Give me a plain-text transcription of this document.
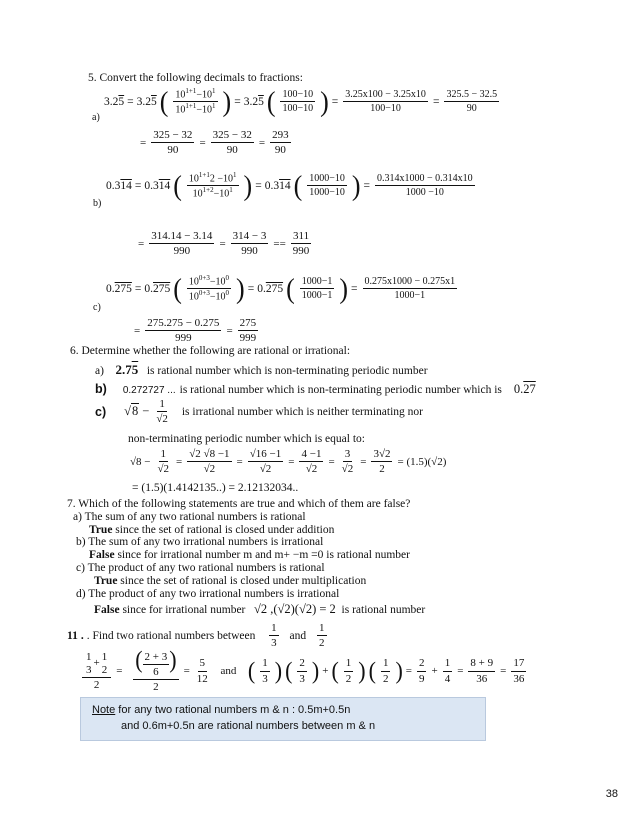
5. Convert the following decimals to fractions:
3.25 = 3.25 ( $\frac{10^{1+1}-10^1}{10^{1+1}-10^1}$ ) = 3.25 ( $\frac{100-10}{100-10}$ ) = $\frac{3.25x100 - 3.25x10}{100-10} = \frac{325.5 - 32.5}{90}$
a)
= $\frac{325 - 32}{90} = \frac{325 - 32}{90} = \frac{293}{90}$
0.314 = 0.314 ( $\frac{10^{1+1}2 -10^1}{10^{1+2}-10^1}$ ) = 0.314 ( $\frac{1000-10}{1000-10}$ ) = $\frac{0.314x1000 - 0.314x10}{1000 -10}$
b)
= $\frac{314.14 - 3.14}{990} = \frac{314 - 3}{990} == \frac{311}{990}$
0.275 = 0.275 ( $\frac{10^{0+3}-10^0}{10^{0+3}-10^0}$ ) = 0.275 ( $\frac{1000-1}{1000-1}$ ) = $\frac{0.275x1000 - 0.275x1}{1000-1}$
c)
= $\frac{275.275 - 0.275}{999} = \frac{275}{999}$
6. Determine whether the following are rational or irrational:
a) 2.75 is rational number which is non-terminating periodic number
b) 0.272727 ... is rational number which is non-terminating periodic number which is 0.27
c)
$√8 - \frac{1}{√2}$
is irrational number which is neither terminating nor
non-terminating periodic number which is equal to:
$√8 - \frac{1}{√2} = \frac{√2 √8 -1}{√2} = \frac{√16 -1}{√2} = \frac{4 -1}{√2} = \frac{3}{√2} = \frac{3√2}{2} = (1.5)(√2)$
= (1.5)(1.4142135..) = 2.12132034..
7. Which of the following statements are true and which of them are false?
a) The sum of any two rational numbers is rational
True since the set of rational is closed under addition
b) The sum of any two irrational numbers is irrational
False since for irrational number m and m+ −m =0 is rational number
c) The product of any two rational numbers is rational
True since the set of rational is closed under multiplication
d) The product of any two irrational numbers is irrational
False since for irrational number √2 ,(√2)(√2) = 2 is rational number
11 . . Find two rational numbers between
$\frac{1}{3}$
and
$\frac{1}{2}$
1
3
+
1
2
2 =
$\frac{( \frac{2 + 3}{6} )}{2} = \frac{5}{12}$
and
( $\frac{1}{3}$ ) ( $\frac{2}{3}$ ) + ( $\frac{1}{2}$ ) ( $\frac{1}{2}$ ) = $\frac{2}{9} + \frac{1}{4} = \frac{8 + 9}{36} = \frac{17}{36}$
Note for any two rational numbers m & n : 0.5m+0.5n
and 0.6m+0.5n are rational numbers between m & n
38
